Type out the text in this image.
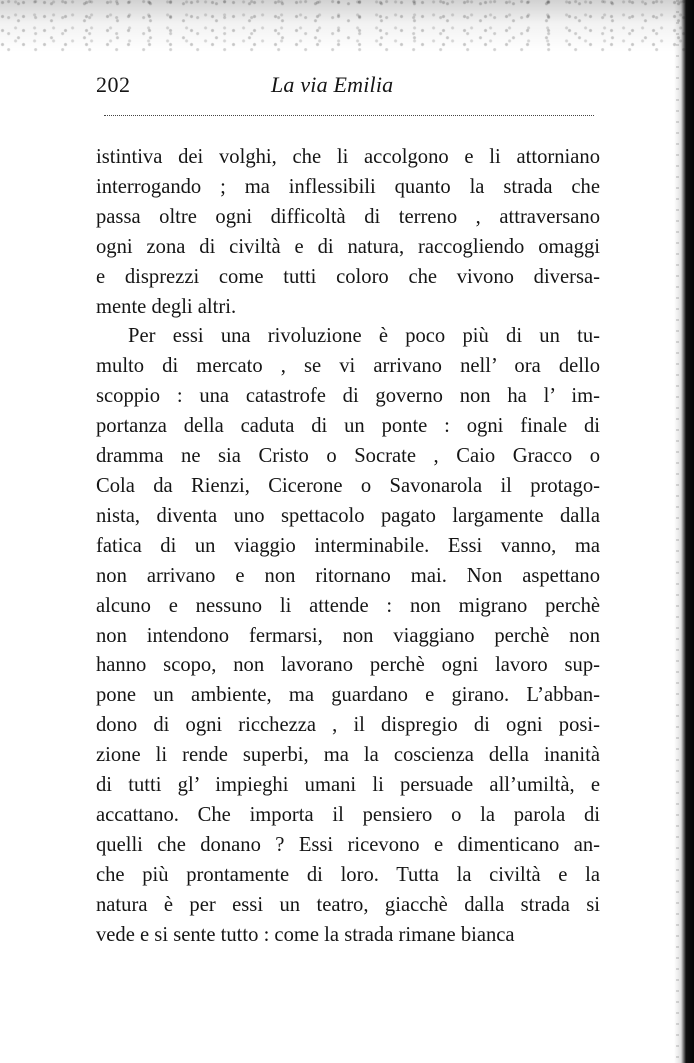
202	La via Emilia
istintiva dei volghi, che li accolgono e li attorniano
interrogando ; ma inflessibili quanto la strada che
passa oltre ogni difficoltà di terreno , attraversano
ogni zona di civiltà e di natura, raccogliendo omaggi
e disprezzi come tutti coloro che vivono diversa-
mente degli altri.
Per essi una rivoluzione è poco più di un tu-
multo di mercato , se vi arrivano nell’ ora dello
scoppio : una catastrofe di governo non ha l’ im-
portanza della caduta di un ponte : ogni finale di
dramma ne sia Cristo o Socrate , Caio Gracco o
Cola da Rienzi, Cicerone o Savonarola il protago-
nista, diventa uno spettacolo pagato largamente dalla
fatica di un viaggio interminabile. Essi vanno, ma
non arrivano e non ritornano mai. Non aspettano
alcuno e nessuno li attende : non migrano perchè
non intendono fermarsi, non viaggiano perchè non
hanno scopo, non lavorano perchè ogni lavoro sup-
pone un ambiente, ma guardano e girano. L’abban-
dono di ogni ricchezza , il dispregio di ogni posi-
zione li rende superbi, ma la coscienza della inanità
di tutti gl’ impieghi umani li persuade all’umiltà, e
accattano. Che importa il pensiero o la parola di
quelli che donano ? Essi ricevono e dimenticano an-
che più prontamente di loro. Tutta la civiltà e la
natura è per essi un teatro, giacchè dalla strada si
vede e si sente tutto : come la strada rimane bianca
